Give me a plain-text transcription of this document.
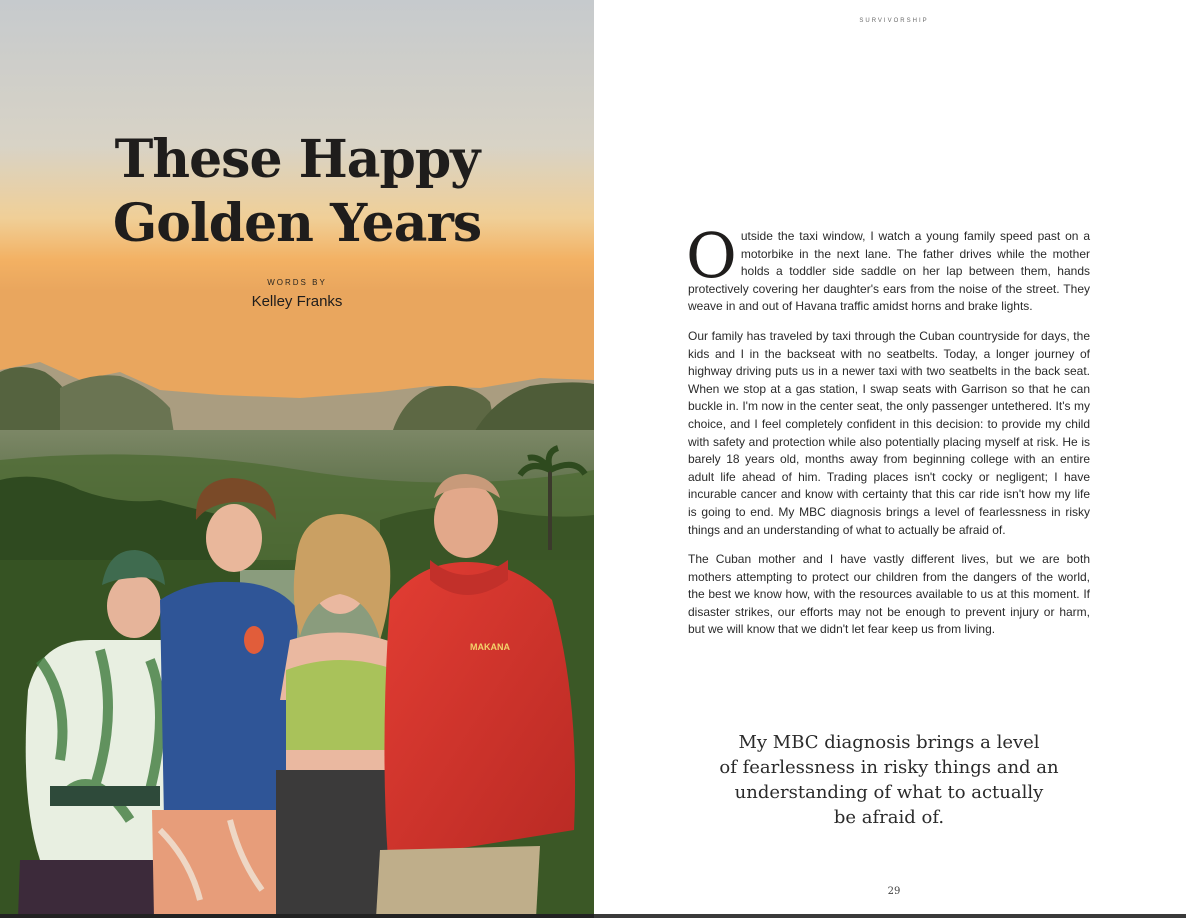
MAKANA
These Happy
Golden Years
WORDS BY
Kelley Franks
SURVIVORSHIP

Outside the taxi window, I watch a young family speed past on a motorbike in the next lane. The father drives while the mother holds a toddler side saddle on her lap between them, hands protectively covering her daughter's ears from the noise of the street. They weave in and out of Havana traffic amidst horns and brake lights.

Our family has traveled by taxi through the Cuban countryside for days, the kids and I in the backseat with no seatbelts. Today, a longer journey of highway driving puts us in a newer taxi with two seatbelts in the back seat. When we stop at a gas station, I swap seats with Garrison so that he can buckle in. I'm now in the center seat, the only passenger untethered. It's my choice, and I feel completely confident in this decision: to provide my child with safety and protection while also potentially placing myself at risk. He is barely 18 years old, months away from beginning college with an entire adult life ahead of him. Trading places isn't cocky or negligent; I have incurable cancer and know with certainty that this car ride isn't how my life is going to end. My MBC diagnosis brings a level of fearlessness in risky things and an understanding of what to actually be afraid of.

The Cuban mother and I have vastly different lives, but we are both mothers attempting to protect our children from the dangers of the world, the best we know how, with the resources available to us at this moment. If disaster strikes, our efforts may not be enough to prevent injury or harm, but we will know that we didn't let fear keep us from living.

My MBC diagnosis brings a level
of fearlessness in risky things and an
understanding of what to actually
be afraid of.
29
